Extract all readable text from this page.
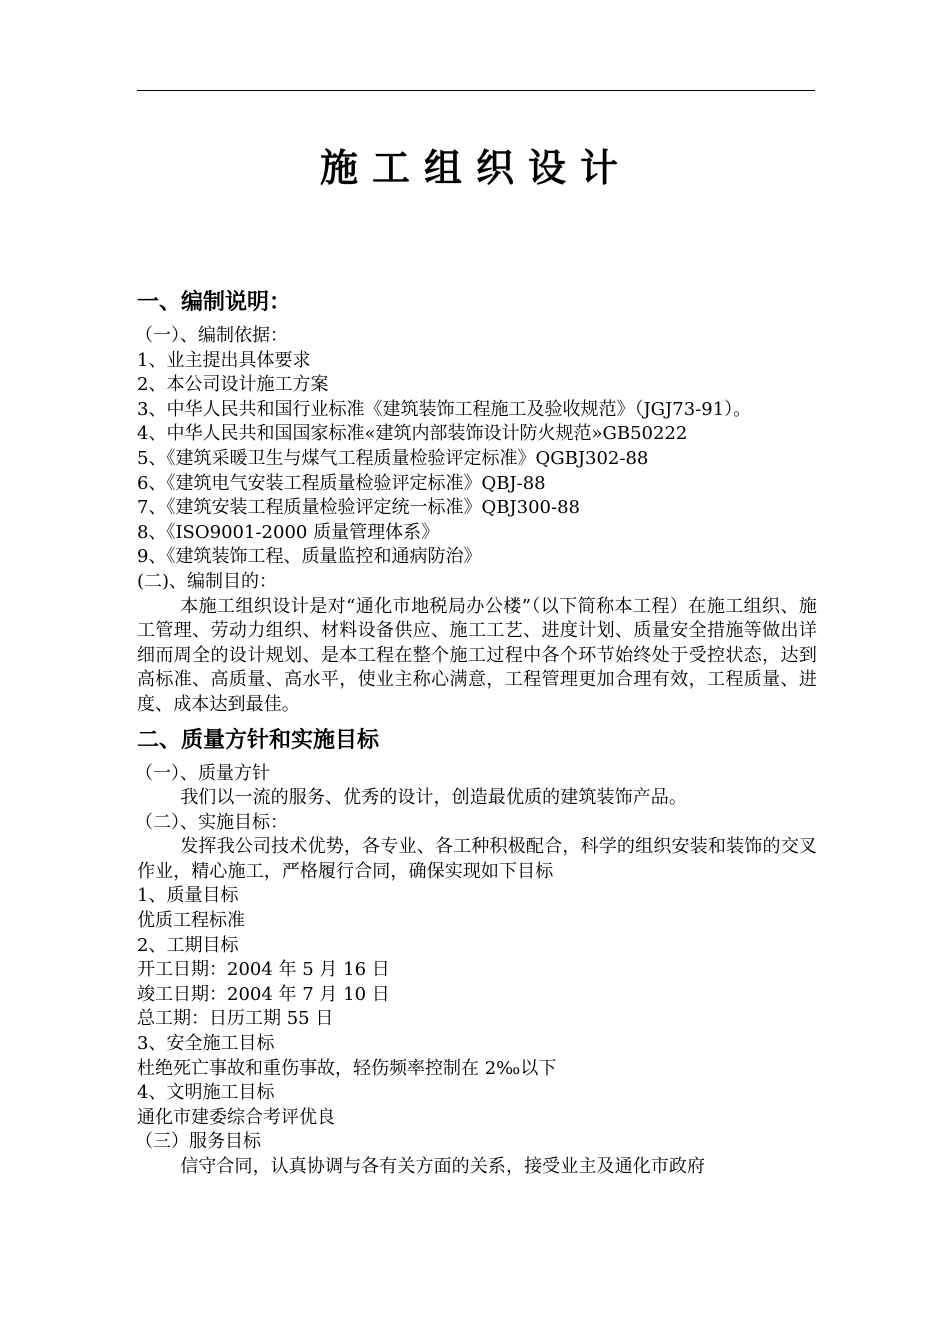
施工组织设计
一、编制说明：
（一）、编制依据：
1、业主提出具体要求
2、本公司设计施工方案
3、中华人民共和国行业标准《建筑装饰工程施工及验收规范》（JGJ73-91）。
4、中华人民共和国国家标准«建筑内部装饰设计防火规范»GB50222
5、《建筑采暖卫生与煤气工程质量检验评定标准》QGBJ302-88
6、《建筑电气安装工程质量检验评定标准》QBJ-88
7、《建筑安装工程质量检验评定统一标准》QBJ300-88
8、《ISO9001-2000 质量管理体系》
9、《建筑装饰工程、质量监控和通病防治》
(二)、编制目的：
本施工组织设计是对“通化市地税局办公楼”（以下简称本工程）在施工组织、施工管理、劳动力组织、材料设备供应、施工工艺、进度计划、质量安全措施等做出详细而周全的设计规划、是本工程在整个施工过程中各个环节始终处于受控状态，达到高标准、高质量、高水平，使业主称心满意，工程管理更加合理有效，工程质量、进度、成本达到最佳。
二、质量方针和实施目标
（一）、质量方针
我们以一流的服务、优秀的设计，创造最优质的建筑装饰产品。
（二）、实施目标：
发挥我公司技术优势，各专业、各工种积极配合，科学的组织安装和装饰的交叉作业，精心施工，严格履行合同，确保实现如下目标
1、质量目标
优质工程标准
2、工期目标
开工日期：2004 年 5 月 16 日
竣工日期：2004 年 7 月 10 日
总工期：日历工期 55 日
3、安全施工目标
杜绝死亡事故和重伤事故，轻伤频率控制在 2‰以下
4、文明施工目标
通化市建委综合考评优良
（三）服务目标
信守合同，认真协调与各有关方面的关系，接受业主及通化市政府
